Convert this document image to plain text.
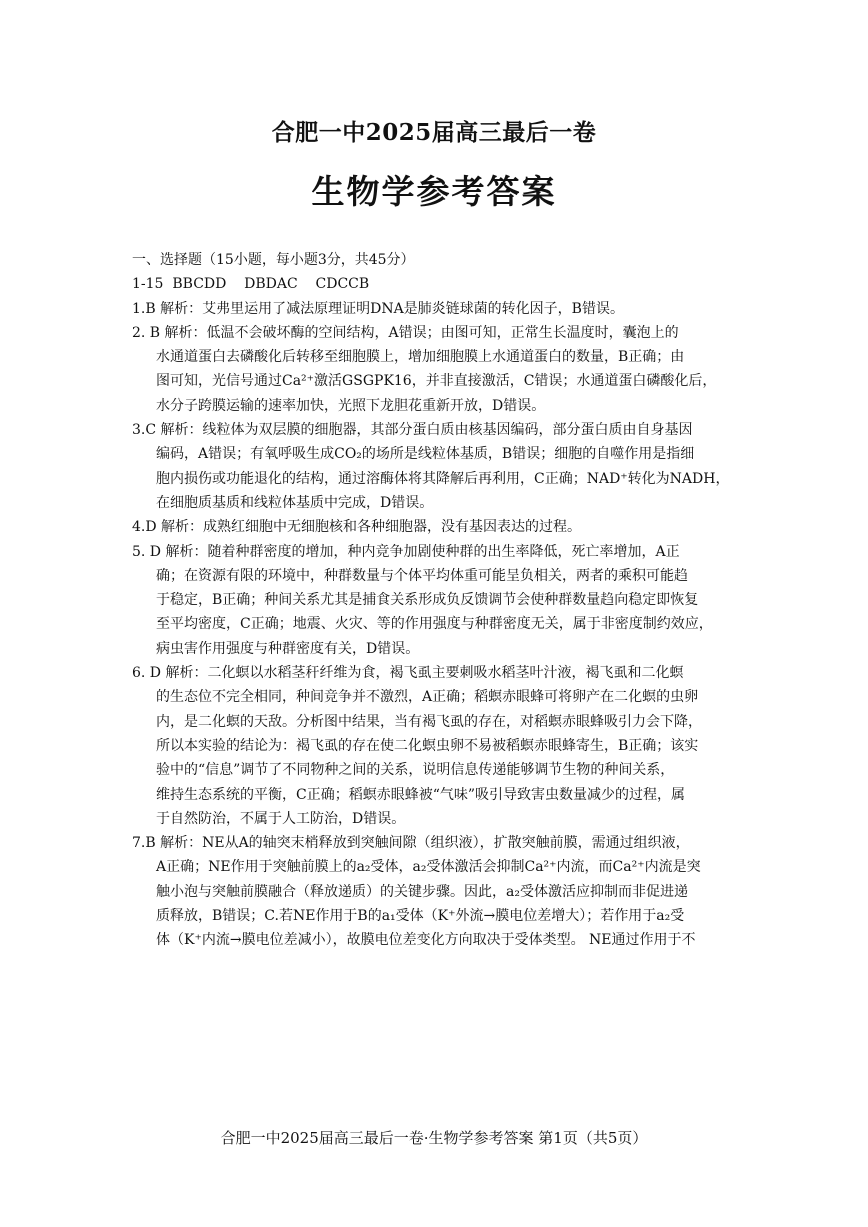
合肥一中2025届高三最后一卷
生物学参考答案
一、选择题（15小题，每小题3分，共45分）
1-15  BBCDD    DBDAC    CDCCB
1.B 解析：艾弗里运用了减法原理证明DNA是肺炎链球菌的转化因子，B错误。
2. B 解析：低温不会破坏酶的空间结构，A错误；由图可知，正常生长温度时，囊泡上的
水通道蛋白去磷酸化后转移至细胞膜上，增加细胞膜上水通道蛋白的数量，B正确；由
图可知，光信号通过Ca²⁺激活GSGPK16，并非直接激活，C错误；水通道蛋白磷酸化后，
水分子跨膜运输的速率加快，光照下龙胆花重新开放，D错误。
3.C 解析：线粒体为双层膜的细胞器，其部分蛋白质由核基因编码，部分蛋白质由自身基因
编码，A错误；有氧呼吸生成CO₂的场所是线粒体基质，B错误；细胞的自噬作用是指细
胞内损伤或功能退化的结构，通过溶酶体将其降解后再利用，C正确；NAD⁺转化为NADH，
在细胞质基质和线粒体基质中完成，D错误。
4.D 解析：成熟红细胞中无细胞核和各种细胞器，没有基因表达的过程。
5. D 解析：随着种群密度的增加，种内竞争加剧使种群的出生率降低，死亡率增加，A正
确；在资源有限的环境中，种群数量与个体平均体重可能呈负相关，两者的乘积可能趋
于稳定，B正确；种间关系尤其是捕食关系形成负反馈调节会使种群数量趋向稳定即恢复
至平均密度，C正确；地震、火灾、等的作用强度与种群密度无关，属于非密度制约效应，
病虫害作用强度与种群密度有关，D错误。
6. D 解析：二化螟以水稻茎秆纤维为食，褐飞虱主要刺吸水稻茎叶汁液，褐飞虱和二化螟
的生态位不完全相同，种间竞争并不激烈，A正确；稻螟赤眼蜂可将卵产在二化螟的虫卵
内，是二化螟的天敌。分析图中结果，当有褐飞虱的存在，对稻螟赤眼蜂吸引力会下降，
所以本实验的结论为：褐飞虱的存在使二化螟虫卵不易被稻螟赤眼蜂寄生，B正确；该实
验中的“信息”调节了不同物种之间的关系，说明信息传递能够调节生物的种间关系，
维持生态系统的平衡，C正确；稻螟赤眼蜂被“气味”吸引导致害虫数量减少的过程，属
于自然防治，不属于人工防治，D错误。
7.B 解析：NE从A的轴突末梢释放到突触间隙（组织液），扩散突触前膜，需通过组织液，
A正确；NE作用于突触前膜上的a₂受体，a₂受体激活会抑制Ca²⁺内流，而Ca²⁺内流是突
触小泡与突触前膜融合（释放递质）的关键步骤。因此，a₂受体激活应抑制而非促进递
质释放，B错误；C.若NE作用于B的a₁受体（K⁺外流→膜电位差增大）；若作用于a₂受
体（K⁺内流→膜电位差减小），故膜电位差变化方向取决于受体类型。 NE通过作用于不
合肥一中2025届高三最后一卷·生物学参考答案 第1页（共5页）
